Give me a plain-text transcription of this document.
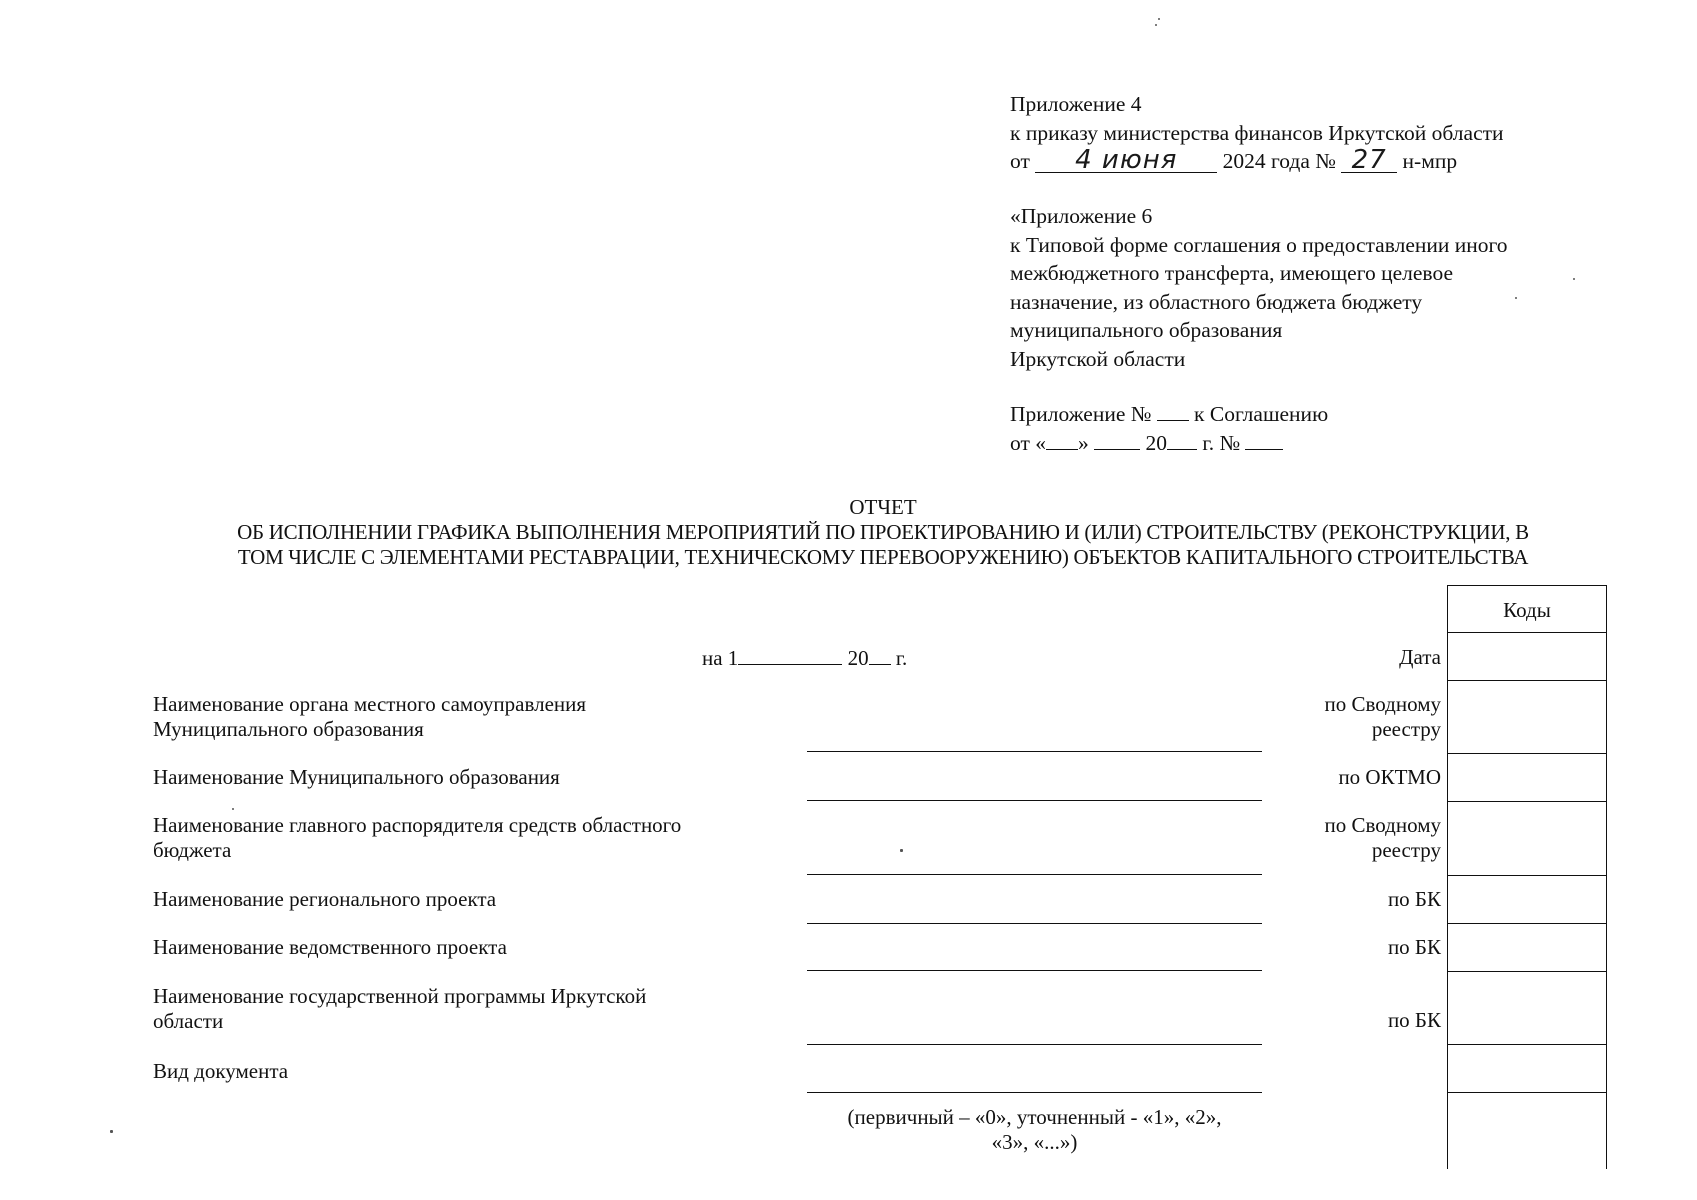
Приложение 4
к приказу министерства финансов Иркутской области
от 4 июня 2024 года № 27 н-мпр
«Приложение 6
к Типовой форме соглашения о предоставлении иного
межбюджетного трансферта, имеющего целевое
назначение, из областного бюджета бюджету
муниципального образования
Иркутской области
Приложение № к Соглашению
от « »	20 г. №
ОТЧЕТ
ОБ ИСПОЛНЕНИИ ГРАФИКА ВЫПОЛНЕНИЯ МЕРОПРИЯТИЙ ПО ПРОЕКТИРОВАНИЮ И (ИЛИ) СТРОИТЕЛЬСТВУ (РЕКОНСТРУКЦИИ, В
ТОМ ЧИСЛЕ С ЭЛЕМЕНТАМИ РЕСТАВРАЦИИ, ТЕХНИЧЕСКОМУ ПЕРЕВООРУЖЕНИЮ) ОБЪЕКТОВ КАПИТАЛЬНОГО СТРОИТЕЛЬСТВА
на 1	20 г.
Коды
Дата
по Сводному
реестру
по ОКТМО
по Сводному
реестру
по БК
по БК
по БК
Наименование органа местного самоуправления
Муниципального образования
Наименование Муниципального образования
Наименование главного распорядителя средств областного
бюджета
Наименование регионального проекта
Наименование ведомственного проекта
Наименование государственной программы Иркутской
области
Вид документа
(первичный – «0», уточненный - «1», «2»,
«3», «...»)
